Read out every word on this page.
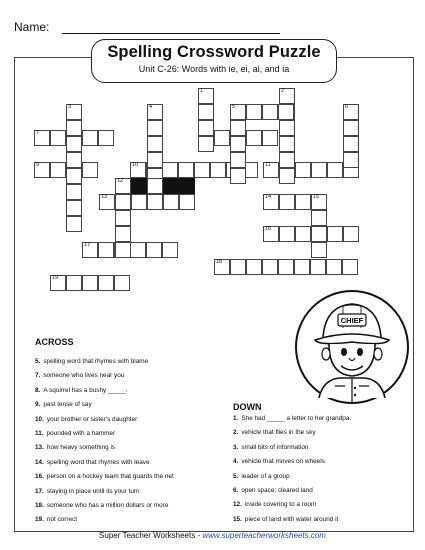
Name:
Spelling Crossword Puzzle
Unit C-26: Words with ie, ei, ai, and ia
7
9	10	11
13	14	15
16
17
18
19
1	2
3	4	5	6
12
CHIEF
ACROSS
5. spelling word that rhymes with blame
7. someone who lives near you
8. A squirrel has a bushy _____.
9. past tense of say
10. your brother or sister's daughter
11. pounded with a hammer
13. how heavy something is
14. spelling word that rhymes with leave
16. person on a hockey team that guards the net
17. staying in place until its your turn
18. someone who has a million dollars or more
19. not correct
DOWN
1. She had _____ a letter to her grandpa.
2. vehicle that flies in the sky
3. small bits of information
4. vehicle that moves on wheels
5. leader of a group
6. open space; cleared land
12. inside covering to a room
15. piece of land with water around it
Super Teacher Worksheets - www.superteacherworksheets.com
